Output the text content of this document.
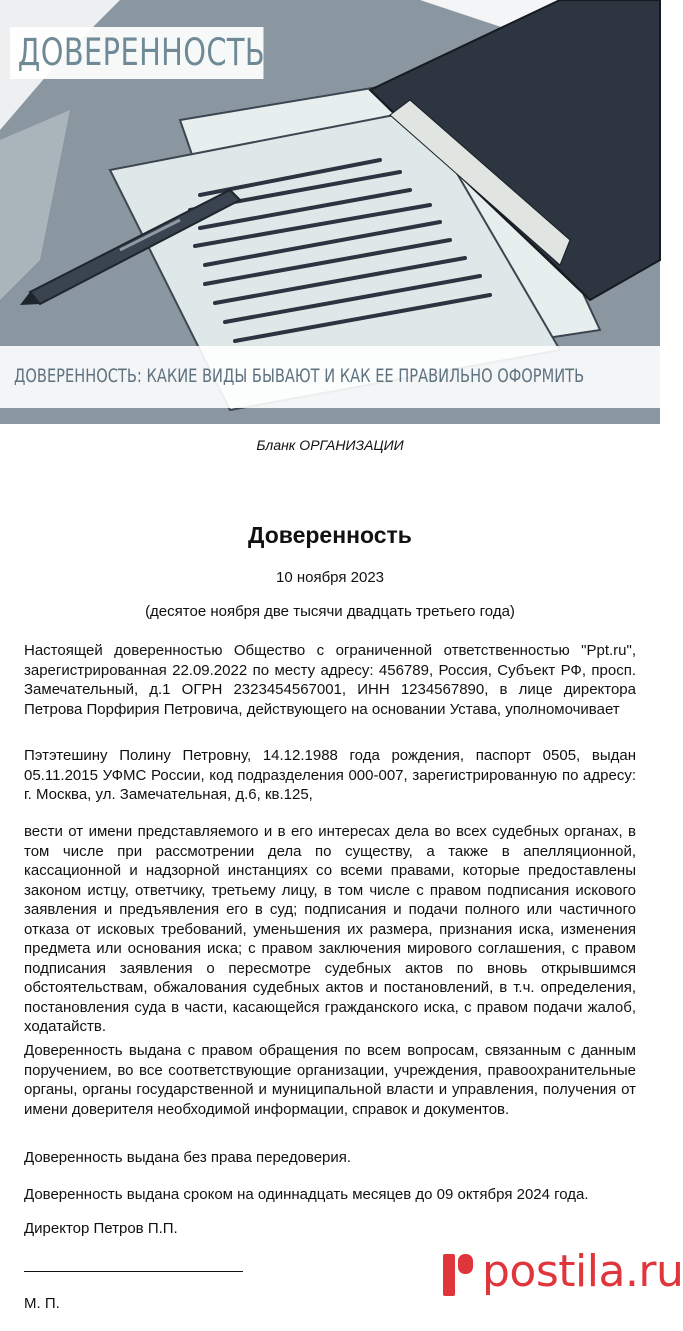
ДОВЕРЕННОСТЬ
ДОВЕРЕННОСТЬ: КАКИЕ ВИДЫ БЫВАЮТ И КАК ЕЕ ПРАВИЛЬНО ОФОРМИТЬ
Бланк ОРГАНИЗАЦИИ
Доверенность
10 ноября 2023
(десятое ноября две тысячи двадцать третьего года)

Настоящей доверенностью Общество с ограниченной ответственностью "Ppt.ru", зарегистрированная 22.09.2022 по месту адресу: 456789, Россия, Субъект РФ, просп. Замечательный, д.1 ОГРН 2323454567001, ИНН 1234567890, в лице директора Петрова Порфирия Петровича, действующего на основании Устава, уполномочивает

Пэтэтешину Полину Петровну, 14.12.1988 года рождения, паспорт 0505, выдан 05.11.2015 УФМС России, код подразделения 000-007, зарегистрированную по адресу: г. Москва, ул. Замечательная, д.6, кв.125,

вести от имени представляемого и в его интересах дела во всех судебных органах, в том числе при рассмотрении дела по существу, а также в апелляционной, кассационной и надзорной инстанциях со всеми правами, которые предоставлены законом истцу, ответчику, третьему лицу, в том числе с правом подписания искового заявления и предъявления его в суд; подписания и подачи полного или частичного отказа от исковых требований, уменьшения их размера, признания иска, изменения предмета или основания иска; с правом заключения мирового соглашения, с правом подписания заявления о пересмотре судебных актов по вновь открывшимся обстоятельствам, обжалования судебных актов и постановлений, в т.ч. определения, постановления суда в части, касающейся гражданского иска, с правом подачи жалоб, ходатайств.

Доверенность выдана с правом обращения по всем вопросам, связанным с данным поручением, во все соответствующие организации, учреждения, правоохранительные органы, органы государственной и муниципальной власти и управления, получения от имени доверителя необходимой информации, справок и документов.

Доверенность выдана без права передоверия.

Доверенность выдана сроком на одиннадцать месяцев до 09 октября 2024 года.

Директор Петров П.П.

М. П.

postila.ru
